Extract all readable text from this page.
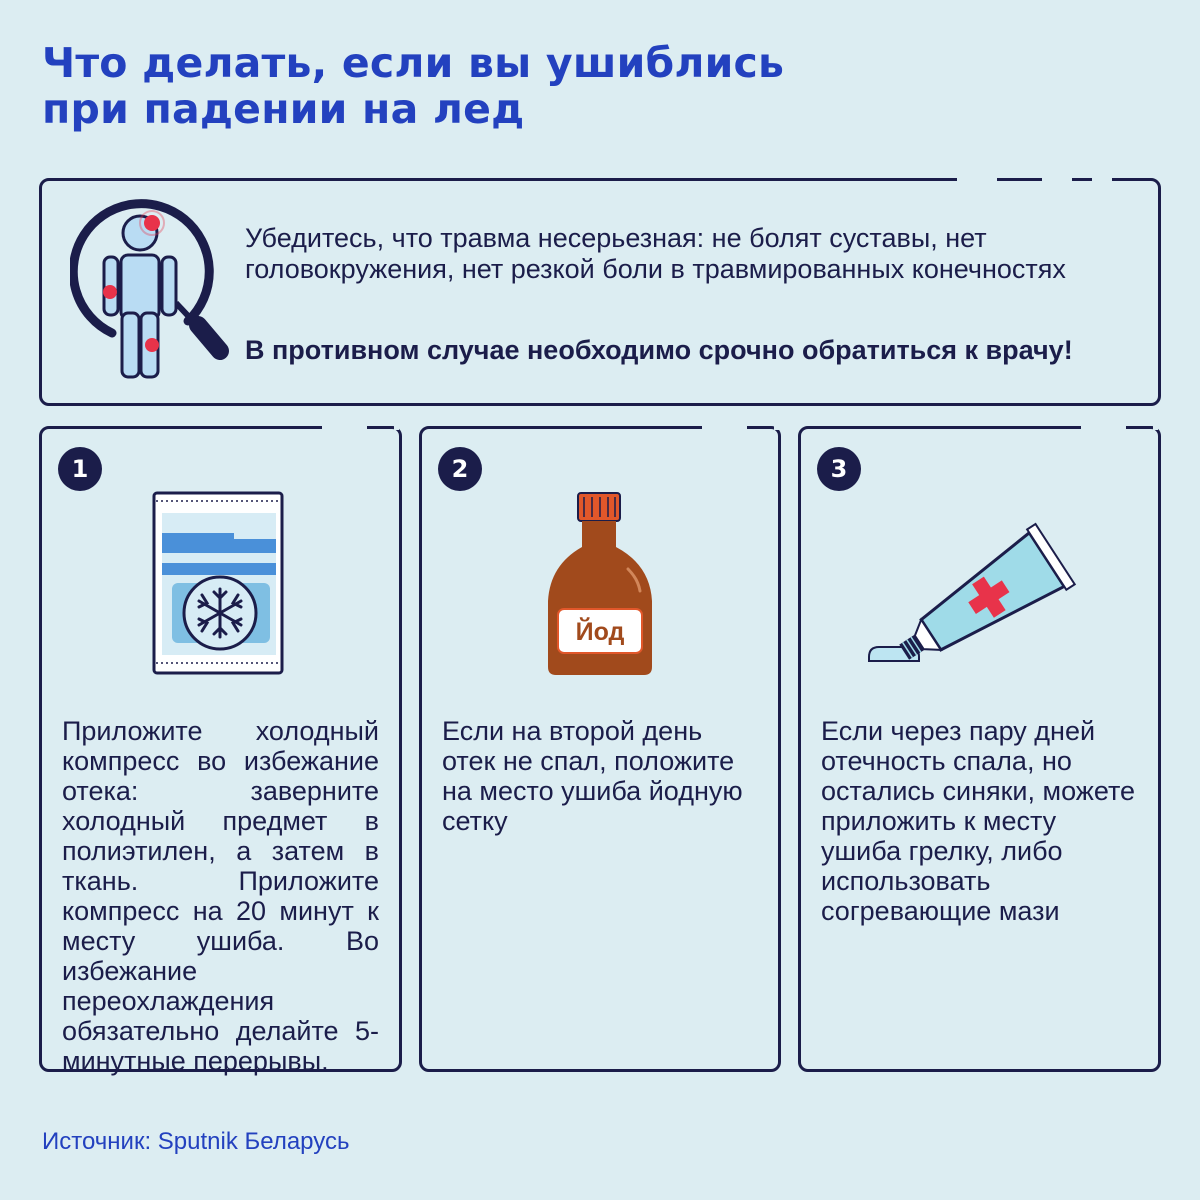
Что делать, если вы ушиблись
при падении на лед

Убедитесь, что травма несерьезная: не болят суставы, нет головокружения, нет резкой боли в травмированных конечностях

В противном случае необходимо срочно обратиться к врачу!

1

Приложите холодный компресс во избежание отека: заверните холодный предмет в полиэтилен, а затем в ткань. Приложите компресс на 20 минут к месту ушиба. Во избежание переохлаждения обязательно делайте 5-минутные перерывы.

2
Йод

Если на второй день отек не спал, положите на место ушиба йодную сетку

3

Если через пару дней отечность спала, но остались синяки, можете приложить к месту ушиба грелку, либо использовать согревающие мази

Источник: Sputnik Беларусь
